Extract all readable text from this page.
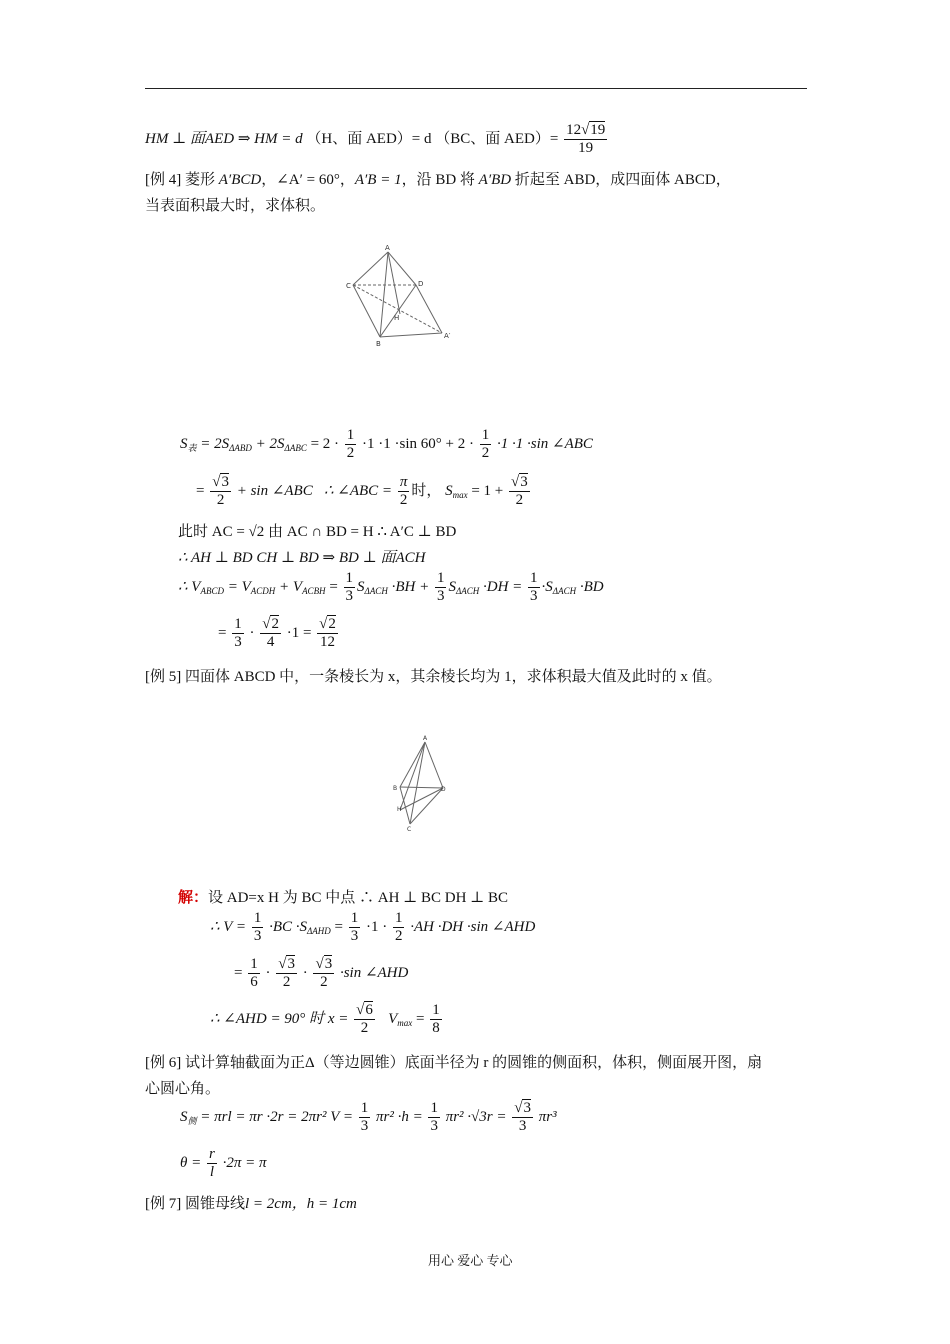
HM ⊥ 面AED ⇒ HM = d （H、面 AED）= d （BC、面 $AED)= \frac{12√19}{19}$
[例 4] 菱形 A′BCD，∠A′ = 60°，A′B = 1，沿 BD 将 A′BD 折起至 ABD，成四面体 ABCD，
当表面积最大时，求体积。
A
C	D
H
B
A′
$S_表 = 2S_{\Delta ABD} + 2S_{\Delta ABC} = 2 \cdot \frac{1}{2} \cdot 1 \cdot 1 \cdot\sin$ $60^\circ + 2 \cdot \frac{1}{2} \cdot 1 \cdot 1 \cdot\sin$ ∠ABC
= $\frac{√3}{2} + \sin$ ∠ABC ∴ ∠ABC = $\frac{\pi}{2}$ 时， $S_{max} = 1 + \frac{√3}{2}$
此时 AC = √2 由 AC ∩ BD = H ∴ A′C ⊥ BD
∴ AH ⊥ BD CH ⊥ BD ⇒ BD ⊥ 面ACH
∴ $V_{ABCD} = V_{ACDH} + V_{ACBH} = \frac{1}{3} S_{\Delta ACH} \cdot BH + \frac{1}{3} S_{\Delta ACH} \cdot DH = \frac{1}{3} \cdot S_{\Delta ACH} \cdot BD$
= $\frac{1}{3} \cdot \frac{√2}{4} \cdot 1 = \frac{√2}{12}$
[例 5] 四面体 ABCD 中，一条棱长为 x，其余棱长均为 1，求体积最大值及此时的 x 值。
A
B	D
H
C
解：设 AD=x H 为 BC 中点 ∴ AH ⊥ BC DH ⊥ BC
∴ $V = \frac{1}{3} \cdot BC \cdot S_{\Delta AHD} = \frac{1}{3} \cdot 1 \cdot \frac{1}{2} \cdot AH \cdot DH \cdot\sin$ ∠AHD
= $\frac{1}{6} \cdot \frac{√3}{2} \cdot \frac{√3}{2} \cdot\sin$ ∠AHD
∴ ∠AHD = 90° 时 $x = \frac{√6}{2} V_{max} = \frac{1}{8}$
[例 6] 试计算轴截面为正Δ（等边圆锥）底面半径为 r 的圆锥的侧面积，体积，侧面展开图，扇
心圆心角。
$S_侧 = \pi rl = \pi r \cdot 2r = 2\pi r^2$ $V = \frac{1}{3} \pi r^2 \cdot h = \frac{1}{3} \pi r^2 \cdot√3r = \frac{√3}{3} \pi r^3$
$\theta = \frac{r}{l} \cdot 2\pi = \pi$
[例 7] 圆锥母线l = 2cm，h = 1cm
用心 爱心 专心
